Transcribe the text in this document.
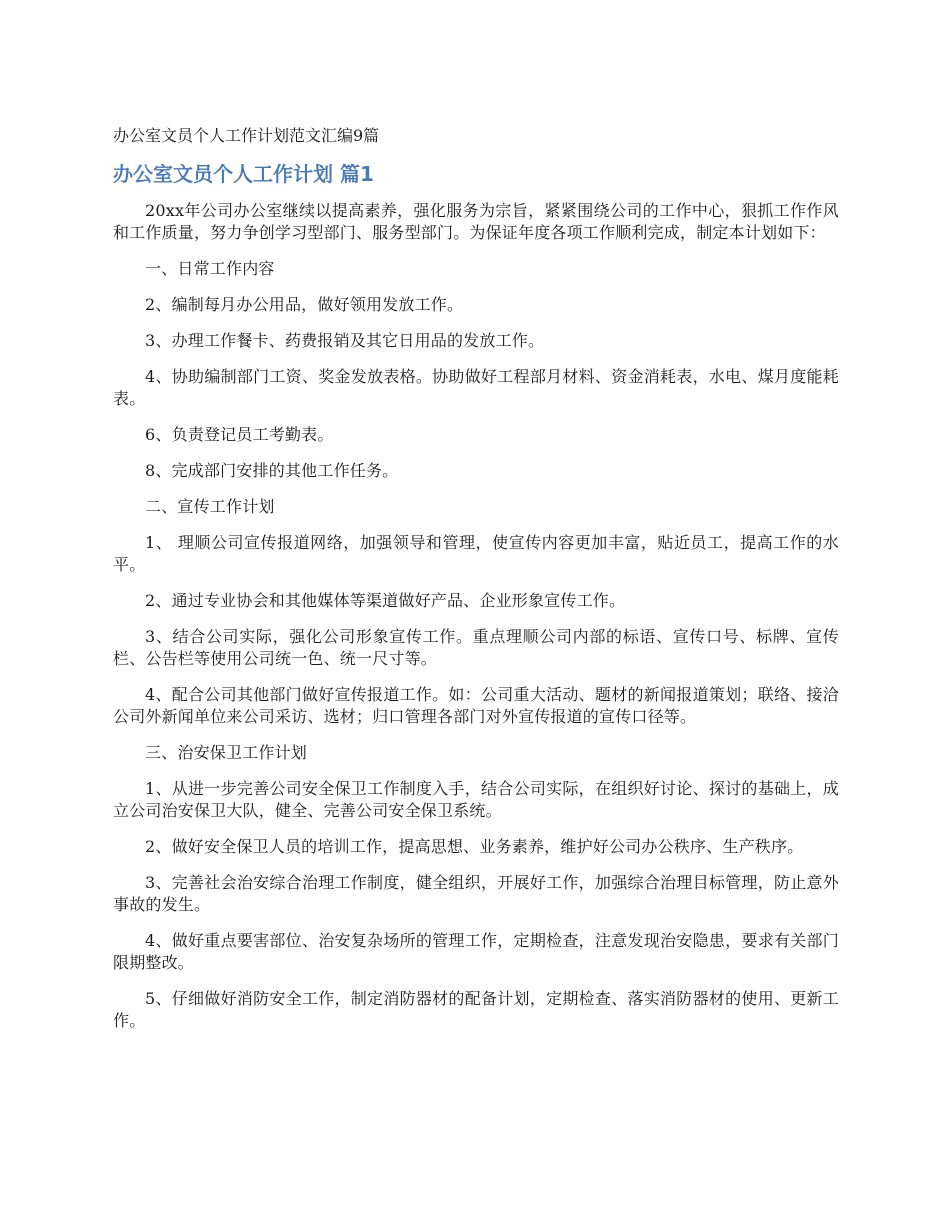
办公室文员个人工作计划范文汇编9篇
办公室文员个人工作计划 篇1

20xx年公司办公室继续以提高素养，强化服务为宗旨，紧紧围绕公司的工作中心，狠抓工作作风和工作质量，努力争创学习型部门、服务型部门。为保证年度各项工作顺利完成，制定本计划如下：

一、日常工作内容

2、编制每月办公用品，做好领用发放工作。

3、办理工作餐卡、药费报销及其它日用品的发放工作。

4、协助编制部门工资、奖金发放表格。协助做好工程部月材料、资金消耗表，水电、煤月度能耗表。

6、负责登记员工考勤表。

8、完成部门安排的其他工作任务。

二、宣传工作计划

1、 理顺公司宣传报道网络，加强领导和管理，使宣传内容更加丰富，贴近员工，提高工作的水平。

2、通过专业协会和其他媒体等渠道做好产品、企业形象宣传工作。

3、结合公司实际，强化公司形象宣传工作。重点理顺公司内部的标语、宣传口号、标牌、宣传栏、公告栏等使用公司统一色、统一尺寸等。

4、配合公司其他部门做好宣传报道工作。如：公司重大活动、题材的新闻报道策划；联络、接洽公司外新闻单位来公司采访、选材；归口管理各部门对外宣传报道的宣传口径等。

三、治安保卫工作计划

1、从进一步完善公司安全保卫工作制度入手，结合公司实际，在组织好讨论、探讨的基础上，成立公司治安保卫大队，健全、完善公司安全保卫系统。

2、做好安全保卫人员的培训工作，提高思想、业务素养，维护好公司办公秩序、生产秩序。

3、完善社会治安综合治理工作制度，健全组织，开展好工作，加强综合治理目标管理，防止意外事故的发生。

4、做好重点要害部位、治安复杂场所的管理工作，定期检查，注意发现治安隐患，要求有关部门限期整改。

5、仔细做好消防安全工作，制定消防器材的配备计划，定期检查、落实消防器材的使用、更新工作。
